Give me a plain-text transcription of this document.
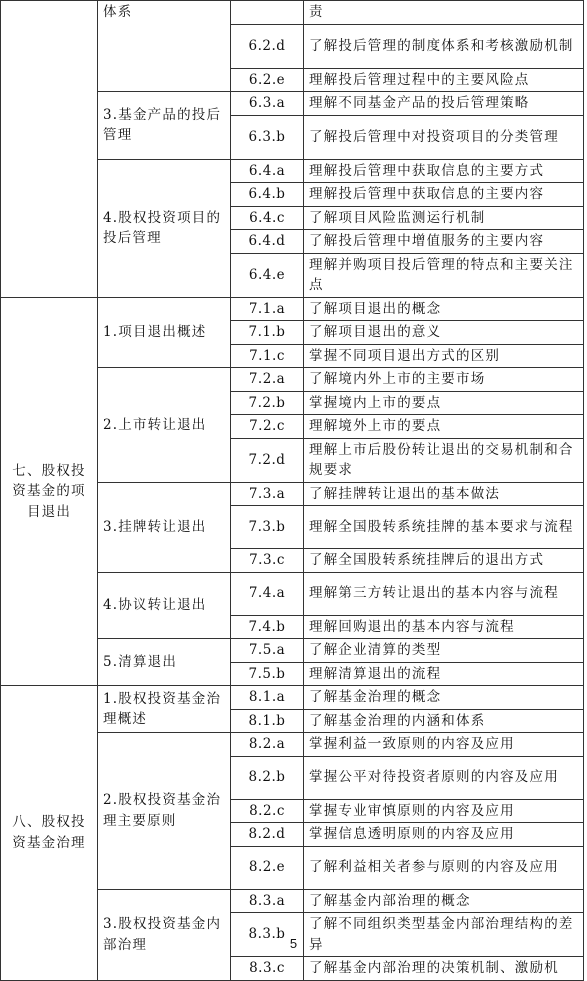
	体系		责
		6.2.d	了解投后管理的制度体系和考核激励机制
		6.2.e	理解投后管理过程中的主要风险点
	3.基金产品的投后管理	6.3.a	理解不同基金产品的投后管理策略
		6.3.b	了解投后管理中对投资项目的分类管理
	4.股权投资项目的投后管理	6.4.a	理解投后管理中获取信息的主要方式
		6.4.b	理解投后管理中获取信息的主要内容
		6.4.c	了解项目风险监测运行机制
		6.4.d	了解投后管理中增值服务的主要内容
		6.4.e	理解并购项目投后管理的特点和主要关注点
七、股权投资基金的项目退出	1.项目退出概述	7.1.a	了解项目退出的概念
		7.1.b	了解项目退出的意义
		7.1.c	掌握不同项目退出方式的区别
	2.上市转让退出	7.2.a	了解境内外上市的主要市场
		7.2.b	掌握境内上市的要点
		7.2.c	理解境外上市的要点
		7.2.d	理解上市后股份转让退出的交易机制和合规要求
	3.挂牌转让退出	7.3.a	了解挂牌转让退出的基本做法
		7.3.b	理解全国股转系统挂牌的基本要求与流程
		7.3.c	了解全国股转系统挂牌后的退出方式
	4.协议转让退出	7.4.a	理解第三方转让退出的基本内容与流程
		7.4.b	理解回购退出的基本内容与流程
	5.清算退出	7.5.a	了解企业清算的类型
		7.5.b	理解清算退出的流程
八、股权投资基金治理	1.股权投资基金治理概述	8.1.a	了解基金治理的概念
		8.1.b	了解基金治理的内涵和体系
	2.股权投资基金治理主要原则	8.2.a	掌握利益一致原则的内容及应用
		8.2.b	掌握公平对待投资者原则的内容及应用
		8.2.c	掌握专业审慎原则的内容及应用
		8.2.d	掌握信息透明原则的内容及应用
		8.2.e	了解利益相关者参与原则的内容及应用
	3.股权投资基金内部治理	8.3.a	了解基金内部治理的概念
		8.3.b	了解不同组织类型基金内部治理结构的差异
		8.3.c	了解基金内部治理的决策机制、激励机
5
